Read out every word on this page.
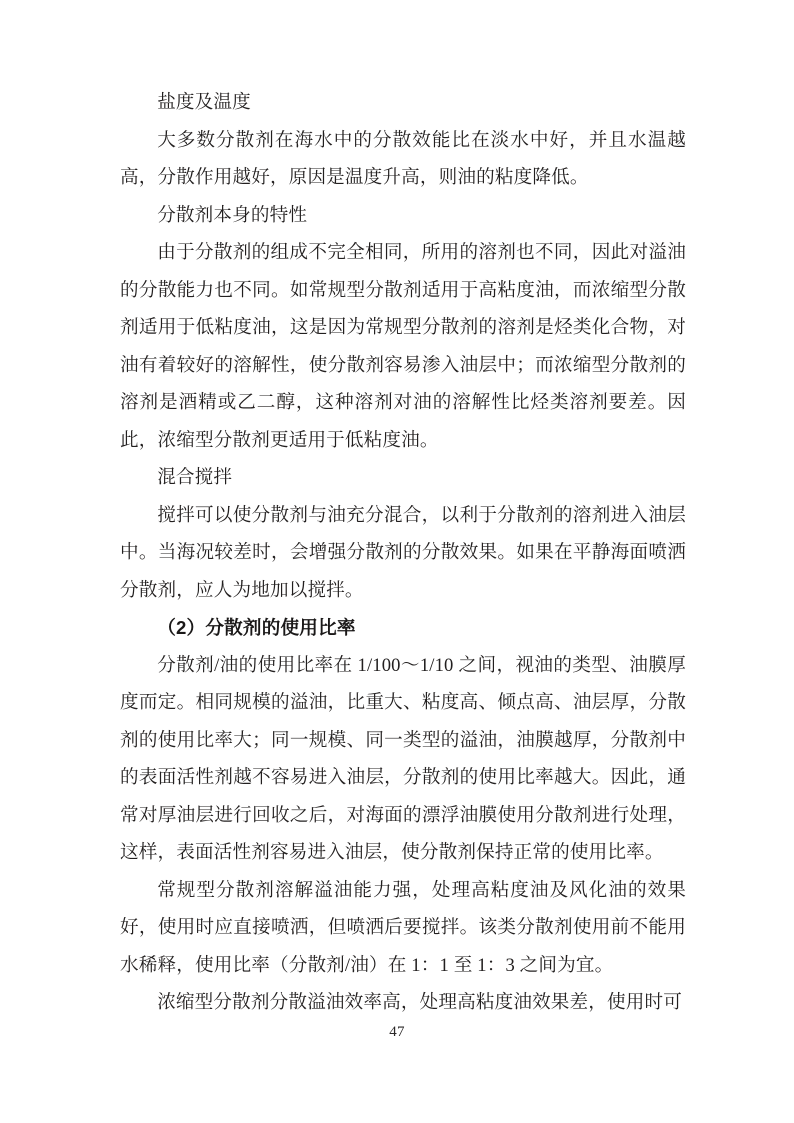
盐度及温度

大多数分散剂在海水中的分散效能比在淡水中好，并且水温越高，分散作用越好，原因是温度升高，则油的粘度降低。

分散剂本身的特性

由于分散剂的组成不完全相同，所用的溶剂也不同，因此对溢油的分散能力也不同。如常规型分散剂适用于高粘度油，而浓缩型分散剂适用于低粘度油，这是因为常规型分散剂的溶剂是烃类化合物，对油有着较好的溶解性，使分散剂容易渗入油层中；而浓缩型分散剂的溶剂是酒精或乙二醇，这种溶剂对油的溶解性比烃类溶剂要差。因此，浓缩型分散剂更适用于低粘度油。

混合搅拌

搅拌可以使分散剂与油充分混合，以利于分散剂的溶剂进入油层中。当海况较差时，会增强分散剂的分散效果。如果在平静海面喷洒分散剂，应人为地加以搅拌。

（2）分散剂的使用比率

分散剂/油的使用比率在 1/100～1/10 之间，视油的类型、油膜厚度而定。相同规模的溢油，比重大、粘度高、倾点高、油层厚，分散剂的使用比率大；同一规模、同一类型的溢油，油膜越厚，分散剂中的表面活性剂越不容易进入油层，分散剂的使用比率越大。因此，通常对厚油层进行回收之后，对海面的漂浮油膜使用分散剂进行处理，这样，表面活性剂容易进入油层，使分散剂保持正常的使用比率。

常规型分散剂溶解溢油能力强，处理高粘度油及风化油的效果好，使用时应直接喷洒，但喷洒后要搅拌。该类分散剂使用前不能用水稀释，使用比率（分散剂/油）在 1：1 至 1：3 之间为宜。

浓缩型分散剂分散溢油效率高，处理高粘度油效果差，使用时可

47
